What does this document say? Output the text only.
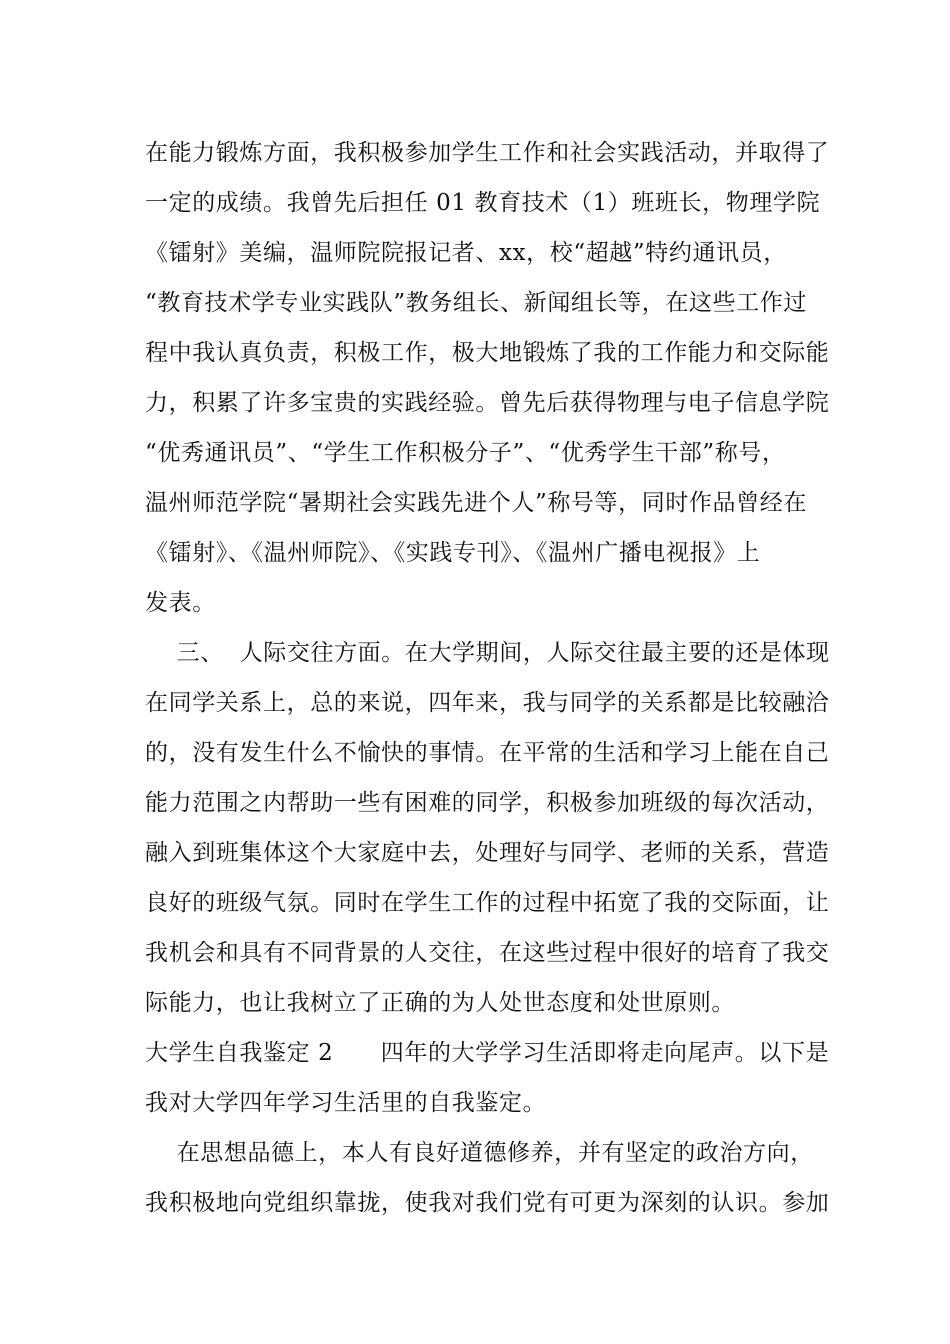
在能力锻炼方面，我积极参加学生工作和社会实践活动，并取得了

一定的成绩。我曾先后担任 01 教育技术（1）班班长，物理学院

《镭射》美编，温师院院报记者、xx，校“超越”特约通讯员，

“教育技术学专业实践队”教务组长、新闻组长等，在这些工作过

程中我认真负责，积极工作，极大地锻炼了我的工作能力和交际能

力，积累了许多宝贵的实践经验。曾先后获得物理与电子信息学院

“优秀通讯员”、“学生工作积极分子”、“优秀学生干部”称号，

温州师范学院“暑期社会实践先进个人”称号等，同时作品曾经在

《镭射》、《温州师院》、《实践专刊》、《温州广播电视报》上

发表。

三、  人际交往方面。在大学期间，人际交往最主要的还是体现

在同学关系上，总的来说，四年来，我与同学的关系都是比较融洽

的，没有发生什么不愉快的事情。在平常的生活和学习上能在自己

能力范围之内帮助一些有困难的同学，积极参加班级的每次活动，

融入到班集体这个大家庭中去，处理好与同学、老师的关系，营造

良好的班级气氛。同时在学生工作的过程中拓宽了我的交际面，让

我机会和具有不同背景的人交往，在这些过程中很好的培育了我交

际能力，也让我树立了正确的为人处世态度和处世原则。

大学生自我鉴定 2      四年的大学学习生活即将走向尾声。以下是

我对大学四年学习生活里的自我鉴定。

在思想品德上，本人有良好道德修养，并有坚定的政治方向，

我积极地向党组织靠拢，使我对我们党有可更为深刻的认识。参加
